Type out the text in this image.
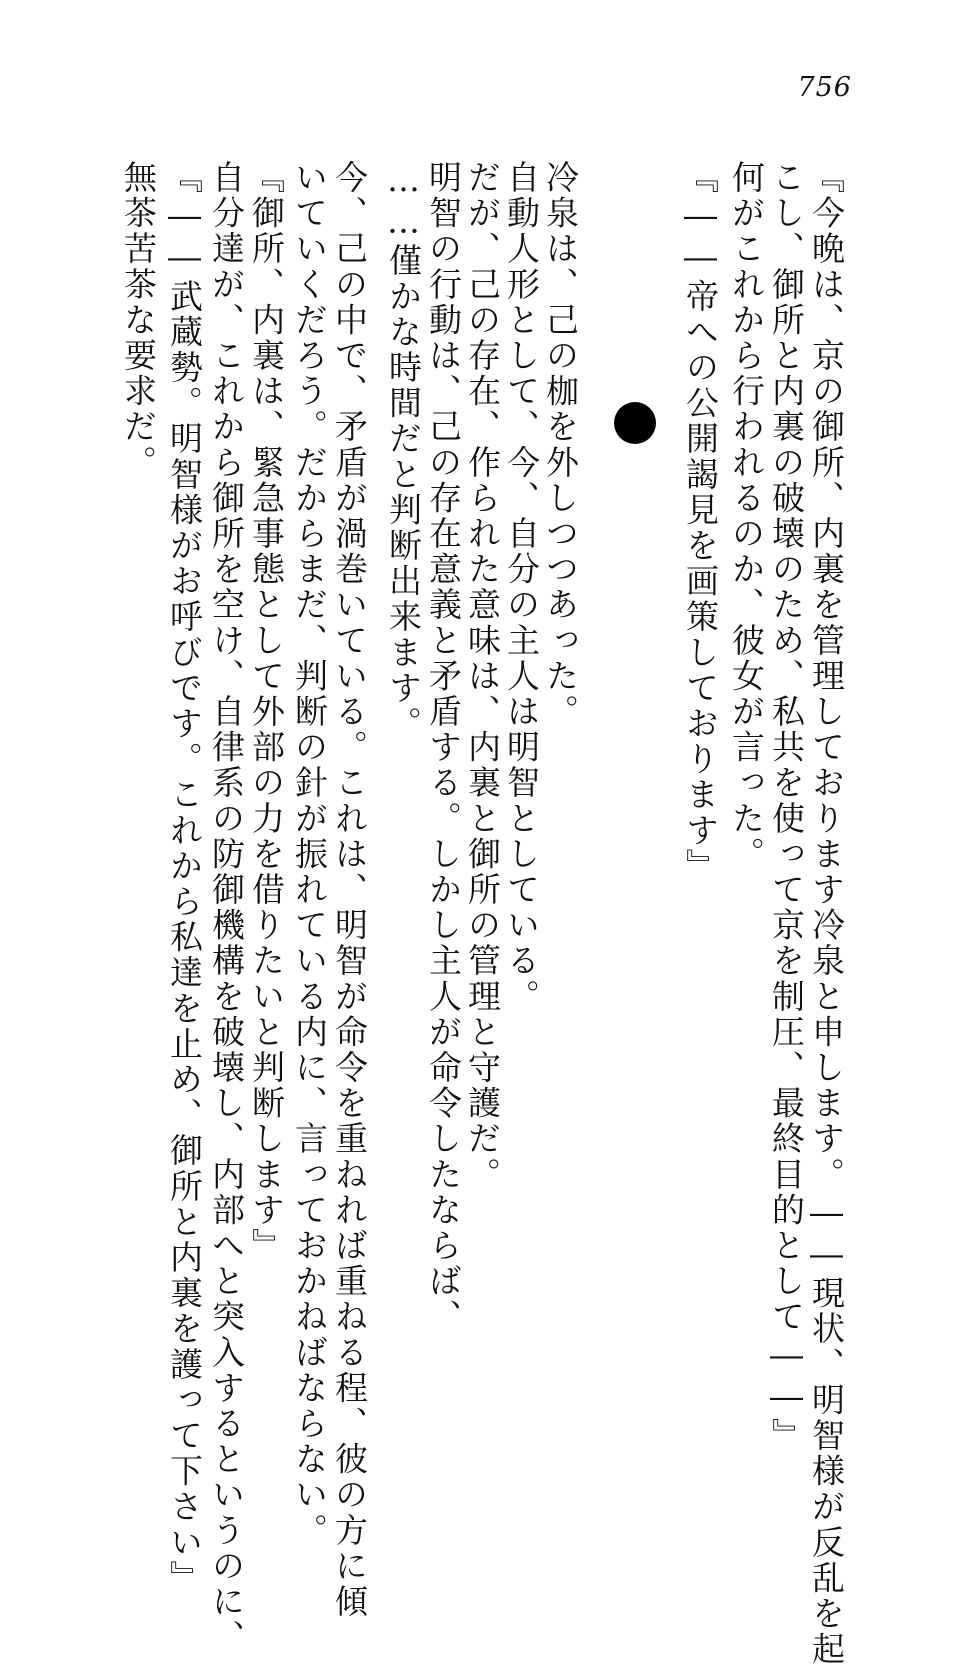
756
『今晩は、京の御所、内裏を管理しております冷泉と申します。――現状、明智様が反乱を起
こし、御所と内裏の破壊のため、私共を使って京を制圧、最終目的として――』
何がこれから行われるのか、彼女が言った。
『――帝への公開謁見を画策しております』
冷泉は、己の枷を外しつつあった。
自動人形として、今、自分の主人は明智としている。
だが、己の存在、作られた意味は、内裏と御所の管理と守護だ。
明智の行動は、己の存在意義と矛盾する。しかし主人が命令したならば、
……僅かな時間だと判断出来ます。
今、己の中で、矛盾が渦巻いている。これは、明智が命令を重ねれば重ねる程、彼の方に傾
いていくだろう。だからまだ、判断の針が振れている内に、言っておかねばならない。
『御所、内裏は、緊急事態として外部の力を借りたいと判断します』
自分達が、これから御所を空け、自律系の防御機構を破壊し、内部へと突入するというのに、
『――武蔵勢。明智様がお呼びです。これから私達を止め、御所と内裏を護って下さい』
無茶苦茶な要求だ。
